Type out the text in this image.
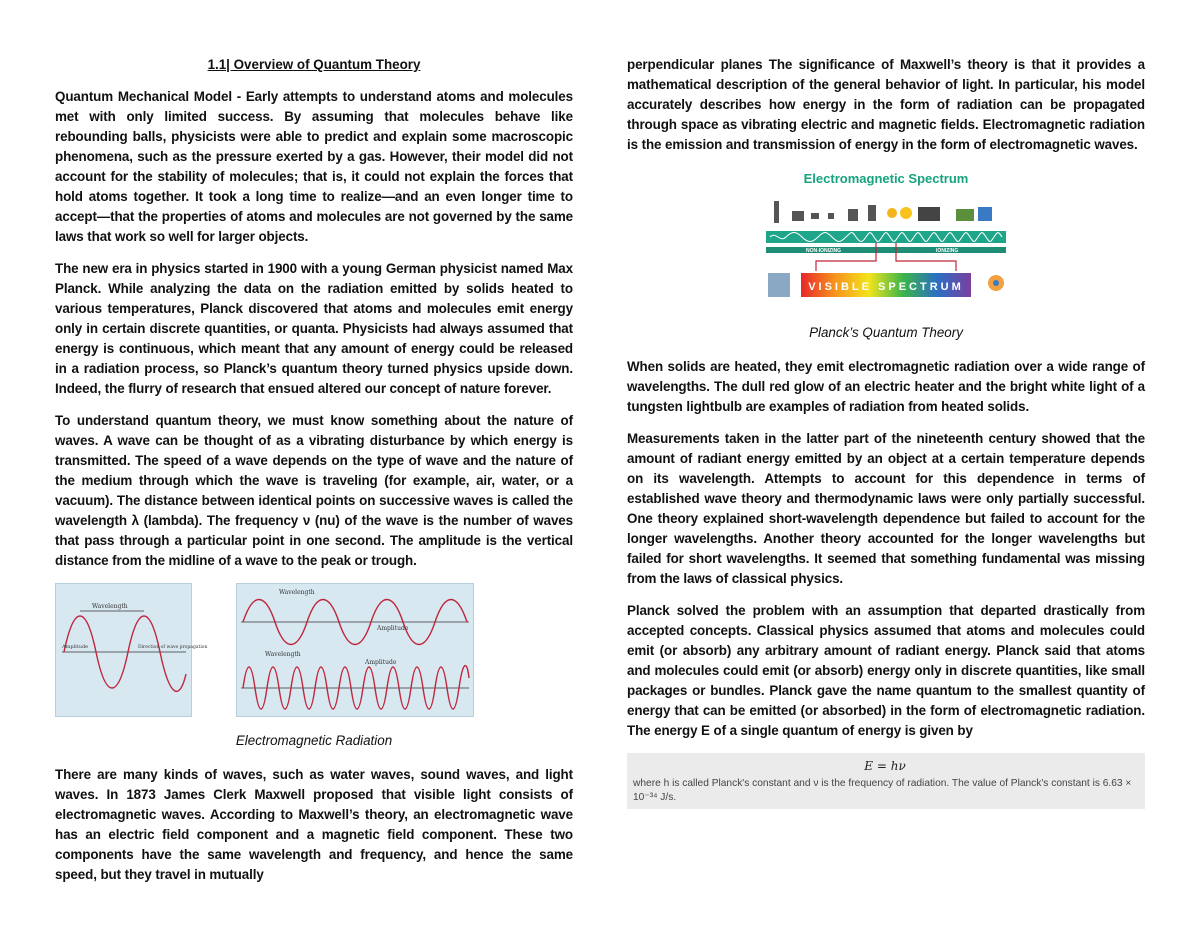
1.1| Overview of Quantum Theory

Quantum Mechanical Model - Early attempts to understand atoms and molecules met with only limited success. By assuming that molecules behave like rebounding balls, physicists were able to predict and explain some macroscopic phenomena, such as the pressure exerted by a gas. However, their model did not account for the stability of molecules; that is, it could not explain the forces that hold atoms together. It took a long time to realize—and an even longer time to accept—that the properties of atoms and molecules are not governed by the same laws that work so well for larger objects.

The new era in physics started in 1900 with a young German physicist named Max Planck. While analyzing the data on the radiation emitted by solids heated to various temperatures, Planck discovered that atoms and molecules emit energy only in certain discrete quantities, or quanta. Physicists had always assumed that energy is continuous, which meant that any amount of energy could be released in a radiation process, so Planck’s quantum theory turned physics upside down. Indeed, the flurry of research that ensued altered our concept of nature forever.

To understand quantum theory, we must know something about the nature of waves. A wave can be thought of as a vibrating disturbance by which energy is transmitted. The speed of a wave depends on the type of wave and the nature of the medium through which the wave is traveling (for example, air, water, or a vacuum). The distance between identical points on successive waves is called the wavelength λ (lambda). The frequency ν (nu) of the wave is the number of waves that pass through a particular point in one second. The amplitude is the vertical distance from the midline of a wave to the peak or trough.

Wavelength
Amplitude	Direction of wave propagation
Wavelength
Amplitude
Wavelength
Amplitude
Electromagnetic Radiation

There are many kinds of waves, such as water waves, sound waves, and light waves. In 1873 James Clerk Maxwell proposed that visible light consists of electromagnetic waves. According to Maxwell’s theory, an electromagnetic wave has an electric field component and a magnetic field component. These two components have the same wavelength and frequency, and hence the same speed, but they travel in mutually

perpendicular planes The significance of Maxwell’s theory is that it provides a mathematical description of the general behavior of light. In particular, his model accurately describes how energy in the form of radiation can be propagated through space as vibrating electric and magnetic fields. Electromagnetic radiation is the emission and transmission of energy in the form of electromagnetic waves.

Electromagnetic Spectrum
NON-IONIZING	IONIZING
VISIBLE SPECTRUM
Planck’s Quantum Theory

When solids are heated, they emit electromagnetic radiation over a wide range of wavelengths. The dull red glow of an electric heater and the bright white light of a tungsten lightbulb are examples of radiation from heated solids.

Measurements taken in the latter part of the nineteenth century showed that the amount of radiant energy emitted by an object at a certain temperature depends on its wavelength. Attempts to account for this dependence in terms of established wave theory and thermodynamic laws were only partially successful. One theory explained short-wavelength dependence but failed to account for the longer wavelengths. Another theory accounted for the longer wavelengths but failed for short wavelengths. It seemed that something fundamental was missing from the laws of classical physics.

Planck solved the problem with an assumption that departed drastically from accepted concepts. Classical physics assumed that atoms and molecules could emit (or absorb) any arbitrary amount of radiant energy. Planck said that atoms and molecules could emit (or absorb) energy only in discrete quantities, like small packages or bundles. Planck gave the name quantum to the smallest quantity of energy that can be emitted (or absorbed) in the form of electromagnetic radiation. The energy E of a single quantum of energy is given by

E = hν
where h is called Planck's constant and ν is the frequency of radiation. The value of Planck's constant is 6.63 × 10⁻³⁴ J/s.
